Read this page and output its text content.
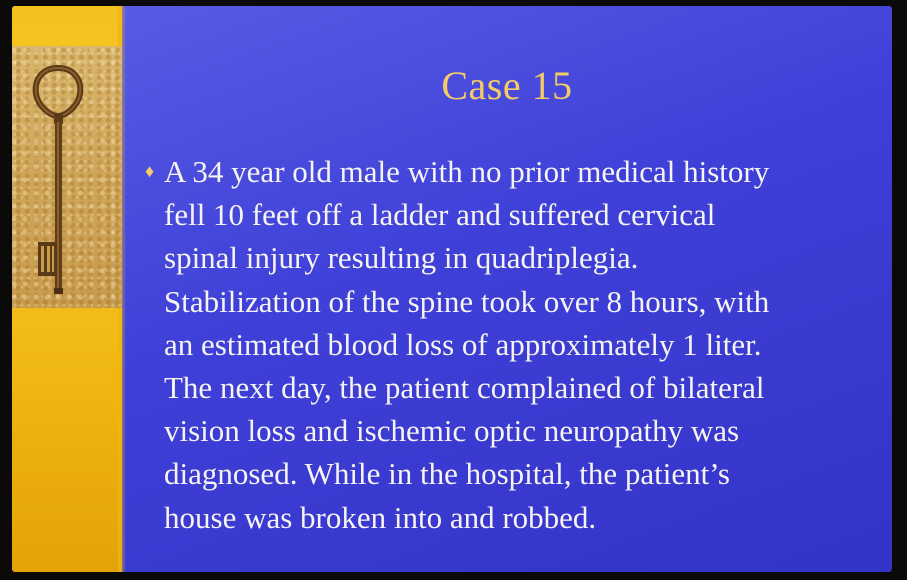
Case 15
♦ A 34 year old male with no prior medical history
fell 10 feet off a ladder and suffered cervical
spinal injury resulting in quadriplegia.
Stabilization of the spine took over 8 hours, with
an estimated blood loss of approximately 1 liter.
The next day, the patient complained of bilateral
vision loss and ischemic optic neuropathy was
diagnosed. While in the hospital, the patient’s
house was broken into and robbed.
